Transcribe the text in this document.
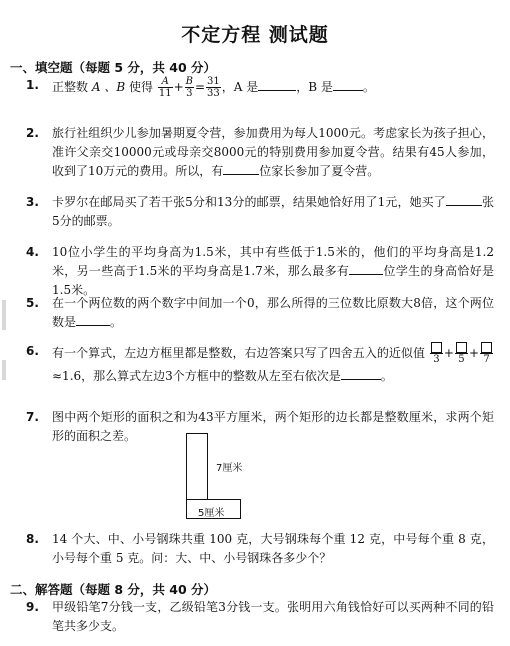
不定方程 测试题
一、填空题（每题 5 分，共 40 分）
1. 正整数 A 、B 使得 $\frac{A}{11} + \frac{B}{3} = \frac{31}{33}$ ，A 是	，B 是	。
2. 旅行社组织少儿参加暑期夏令营，参加费用为每人1000元。考虑家长为孩子担心，准许父亲交10000元或母亲交8000元的特别费用参加夏令营。结果有45人参加，收到了10万元的费用。所以，有	位家长参加了夏令营。
3. 卡罗尔在邮局买了若干张5分和13分的邮票，结果她恰好用了1元，她买了	张5分的邮票。
4. 10位小学生的平均身高为1.5米，其中有些低于1.5米的，他们的平均身高是1.2米，另一些高于1.5米的平均身高是1.7米，那么最多有	位学生的身高恰好是1.5米。
5. 在一个两位数的两个数字中间加一个0，那么所得的三位数比原数大8倍，这个两位数是	。
6. 有一个算式，左边方框里都是整数，右边答案只写了四舍五入的近似值 3 + 5 + 7
≈1.6，那么算式左边3个方框中的整数从左至右依次是	。
7. 图中两个矩形的面积之和为43平方厘米，两个矩形的边长都是整数厘米，求两个矩形的面积之差。
7厘米
5厘米
8. 14 个大、中、小号钢珠共重 100 克，大号钢珠每个重 12 克，中号每个重 8 克，小号每个重 5 克。问：大、中、小号钢珠各多少个？
二、解答题（每题 8 分，共 40 分）
9. 甲级铅笔7分钱一支，乙级铅笔3分钱一支。张明用六角钱恰好可以买两种不同的铅笔共多少支。
